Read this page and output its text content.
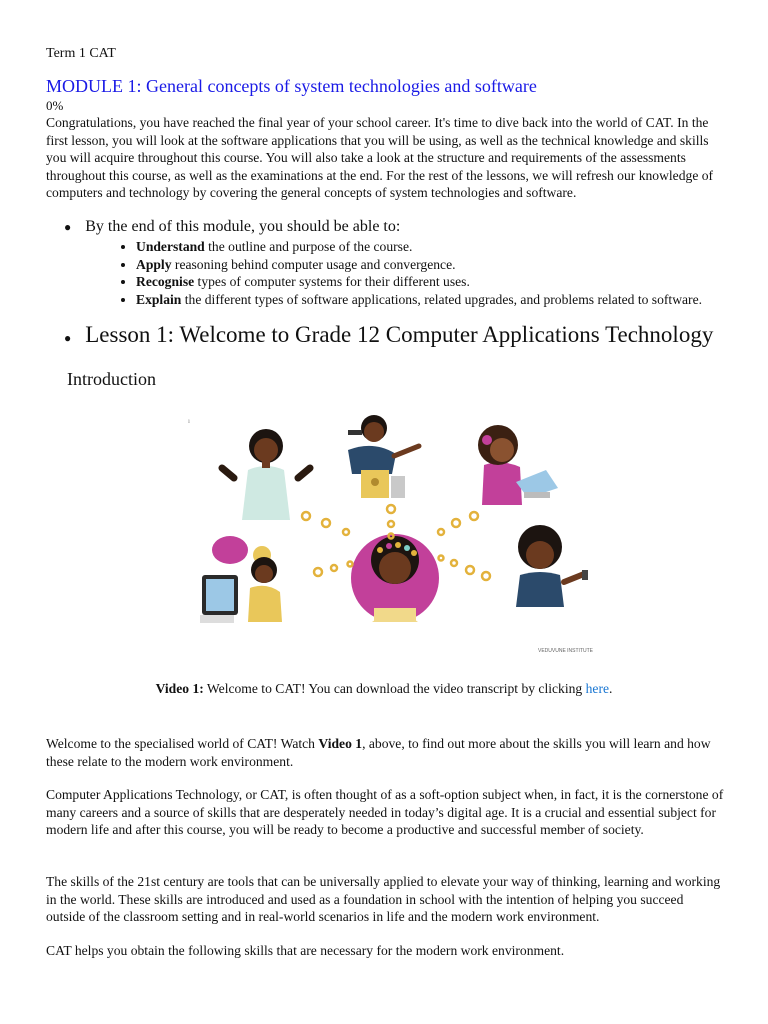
Term 1 CAT
MODULE 1: General concepts of system technologies and software
0%
Congratulations, you have reached the final year of your school career. It's time to dive back into the world of CAT. In the first lesson, you will look at the software applications that you will be using, as well as the technical knowledge and skills you will acquire throughout this course. You will also take a look at the structure and requirements of the assessments throughout this course, as well as the examinations at the end. For the rest of the lessons, we will refresh our knowledge of computers and technology by covering the general concepts of system technologies and software.
● By the end of this module, you should be able to:
• Understand the outline and purpose of the course.
• Apply reasoning behind computer usage and convergence.
• Recognise types of computer systems for their different uses.
• Explain the different types of software applications, related upgrades, and problems related to software.
● Lesson 1: Welcome to Grade 12 Computer Applications Technology
Introduction
ı
VEDUVUNE INSTITUTE
Video 1: Welcome to CAT! You can download the video transcript by clicking here.
Welcome to the specialised world of CAT! Watch Video 1, above, to find out more about the skills you will learn and how these relate to the modern work environment.
Computer Applications Technology, or CAT, is often thought of as a soft-option subject when, in fact, it is the cornerstone of many careers and a source of skills that are desperately needed in today’s digital age. It is a crucial and essential subject for modern life and after this course, you will be ready to become a productive and successful member of society.
The skills of the 21st century are tools that can be universally applied to elevate your way of thinking, learning and working in the world. These skills are introduced and used as a foundation in school with the intention of helping you succeed outside of the classroom setting and in real-world scenarios in life and the modern work environment.
CAT helps you obtain the following skills that are necessary for the modern work environment.
